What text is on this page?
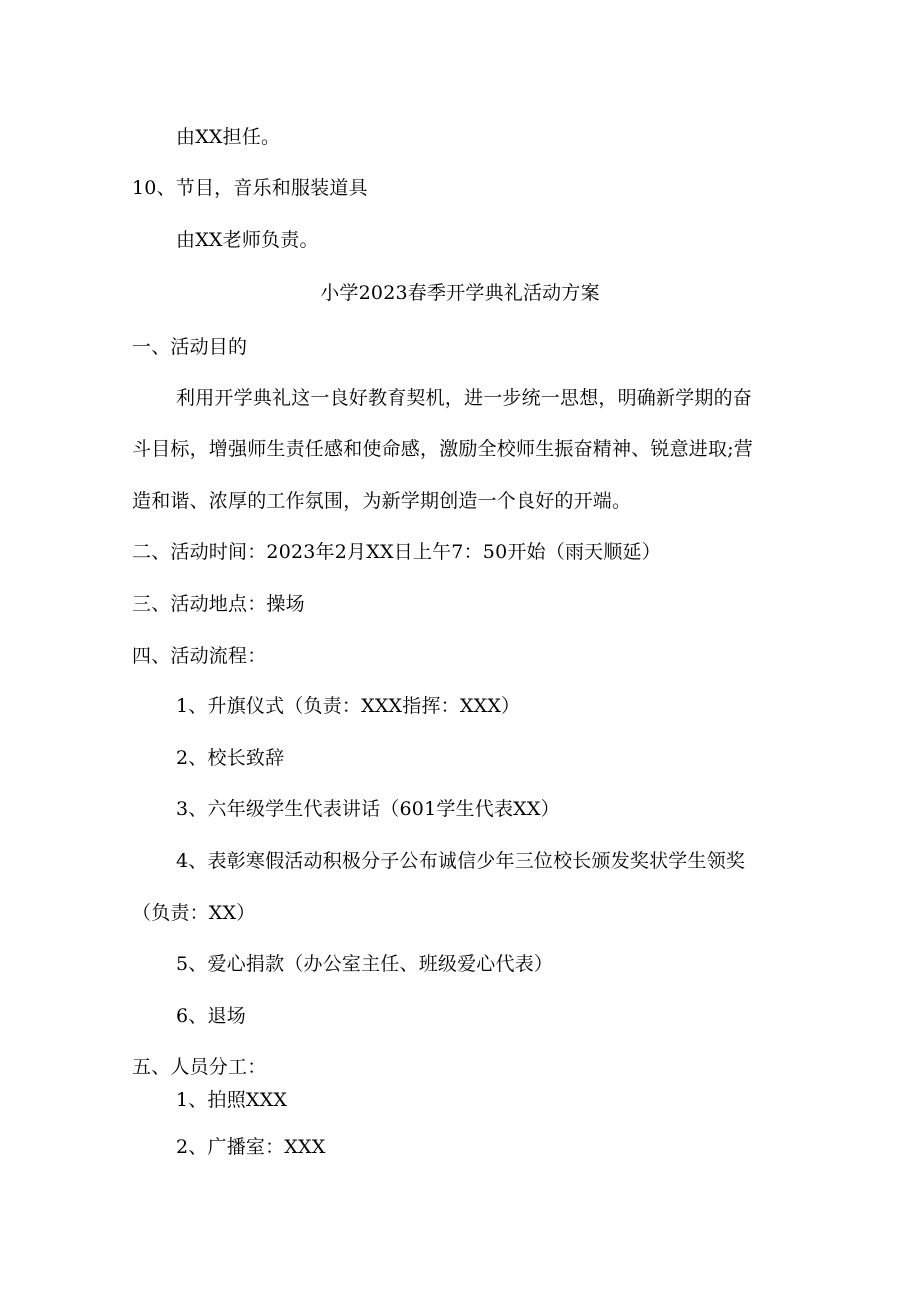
由XX担任。
10、节目，音乐和服装道具
由XX老师负责。
小学2023春季开学典礼活动方案
一、活动目的
利用开学典礼这一良好教育契机，进一步统一思想，明确新学期的奋
斗目标，增强师生责任感和使命感，激励全校师生振奋精神、锐意进取;营
造和谐、浓厚的工作氛围，为新学期创造一个良好的开端。
二、活动时间：2023年2月XX日上午7：50开始（雨天顺延）
三、活动地点：操场
四、活动流程：
1、升旗仪式（负责：XXX指挥：XXX）
2、校长致辞
3、六年级学生代表讲话（601学生代表XX）
4、表彰寒假活动积极分子公布诚信少年三位校长颁发奖状学生领奖
（负责：XX）
5、爱心捐款（办公室主任、班级爱心代表）
6、退场
五、人员分工：
1、拍照XXX
2、广播室：XXX
